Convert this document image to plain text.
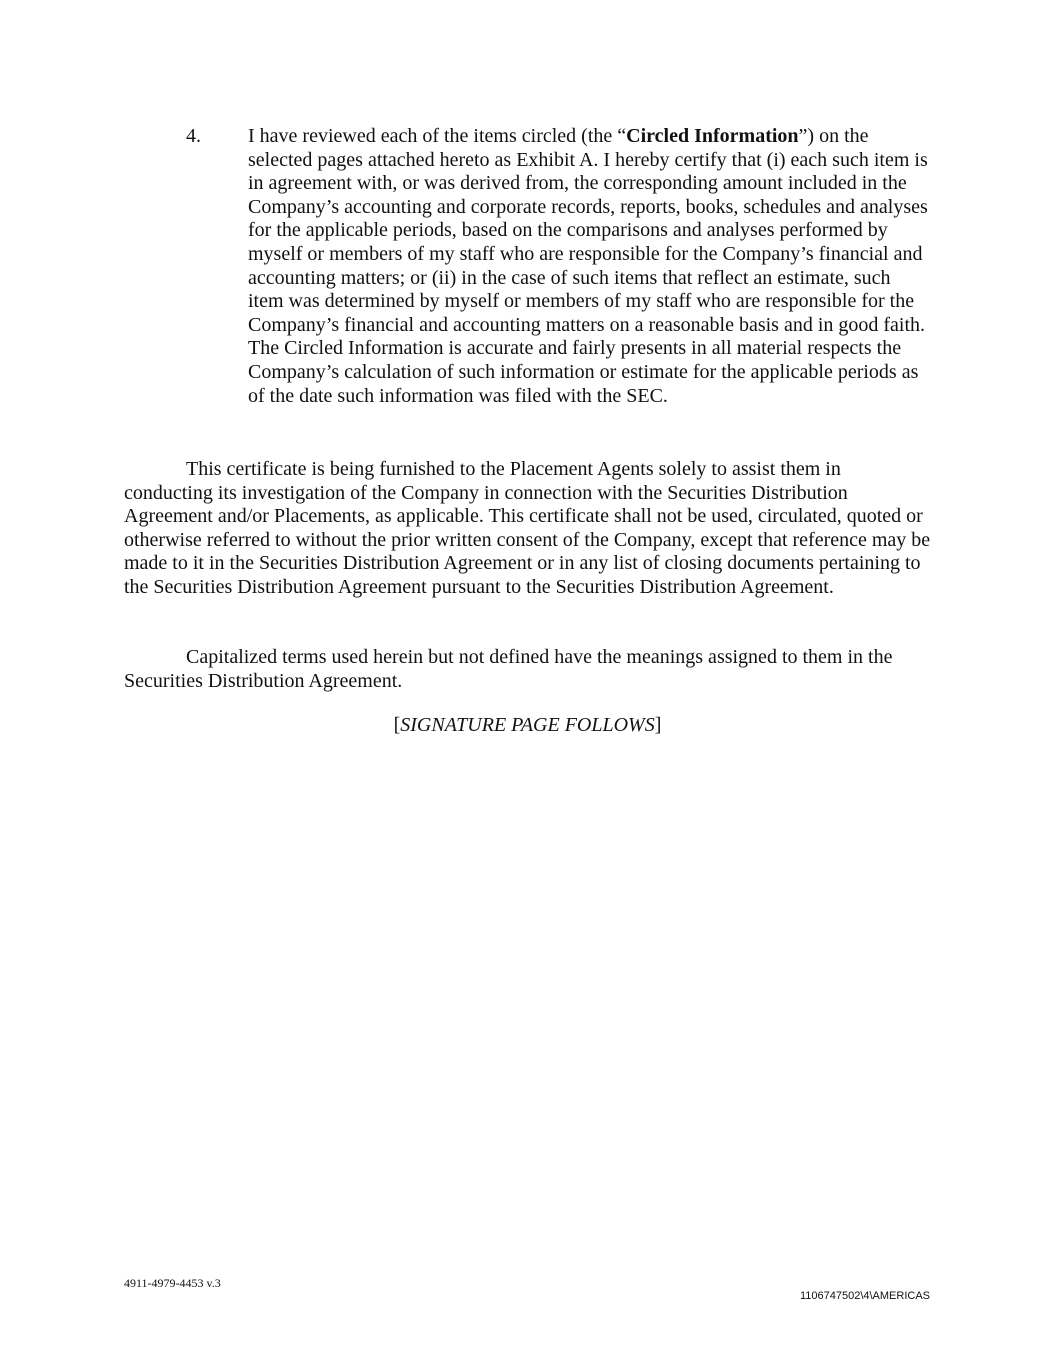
4. I have reviewed each of the items circled (the “Circled Information”) on the selected pages attached hereto as Exhibit A. I hereby certify that (i) each such item is in agreement with, or was derived from, the corresponding amount included in the Company’s accounting and corporate records, reports, books, schedules and analyses for the applicable periods, based on the comparisons and analyses performed by myself or members of my staff who are responsible for the Company’s financial and accounting matters; or (ii) in the case of such items that reflect an estimate, such item was determined by myself or members of my staff who are responsible for the Company’s financial and accounting matters on a reasonable basis and in good faith. The Circled Information is accurate and fairly presents in all material respects the Company’s calculation of such information or estimate for the applicable periods as of the date such information was filed with the SEC.

This certificate is being furnished to the Placement Agents solely to assist them in conducting its investigation of the Company in connection with the Securities Distribution Agreement and/or Placements, as applicable. This certificate shall not be used, circulated, quoted or otherwise referred to without the prior written consent of the Company, except that reference may be made to it in the Securities Distribution Agreement or in any list of closing documents pertaining to the Securities Distribution Agreement pursuant to the Securities Distribution Agreement.

Capitalized terms used herein but not defined have the meanings assigned to them in the Securities Distribution Agreement.

[SIGNATURE PAGE FOLLOWS]
4911-4979-4453 v.3
1106747502\4\AMERICAS
